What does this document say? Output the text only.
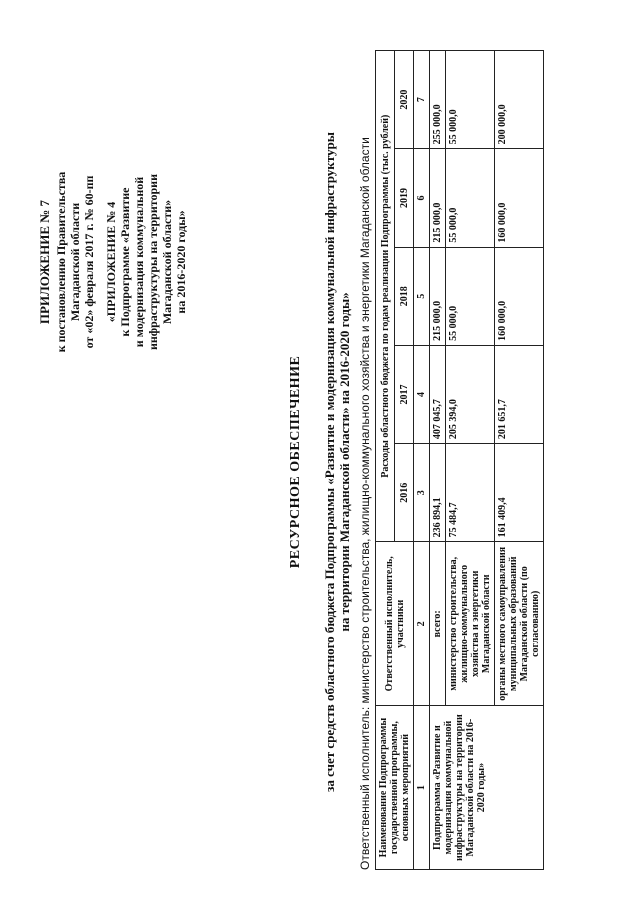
ПРИЛОЖЕНИЕ № 7 к постановлению Правительства Магаданской области от «02» февраля 2017 г. № 60-пп «ПРИЛОЖЕНИЕ № 4 к Подпрограмме «Развитие и модернизация коммунальной инфраструктуры на территории Магаданской области» на 2016-2020 годы»
РЕСУРСНОЕ ОБЕСПЕЧЕНИЕ за счет средств областного бюджета Подпрограммы «Развитие и модернизация коммунальной инфраструктуры на территории Магаданской области» на 2016-2020 годы» Ответственный исполнитель: министерство строительства, жилищно-коммунального хозяйства и энергетики Магаданской области Наименование Подпрограммы государственной программы, основных мероприятий	Ответственный исполнитель, участники	Расходы областного бюджета по годам реализации Подпрограммы (тыс. рублей)				
		2016	2017	2018	2019	2020
1	2	3	4	5	6	7
Подпрограмма «Развитие и модернизация коммунальной инфраструктуры на территории Магаданской области на 2016-2020 годы»	всего:	236 894,1	407 045,7	215 000,0	215 000,0	255 000,0
	министерство строительства, жилищно-коммунального хозяйства и энергетики Магаданской области	75 484,7	205 394,0	55 000,0	55 000,0	55 000,0
	органы местного самоуправления муниципальных образований Магаданской области (по согласованию)	161 409,4	201 651,7	160 000,0	160 000,0	200 000,0
